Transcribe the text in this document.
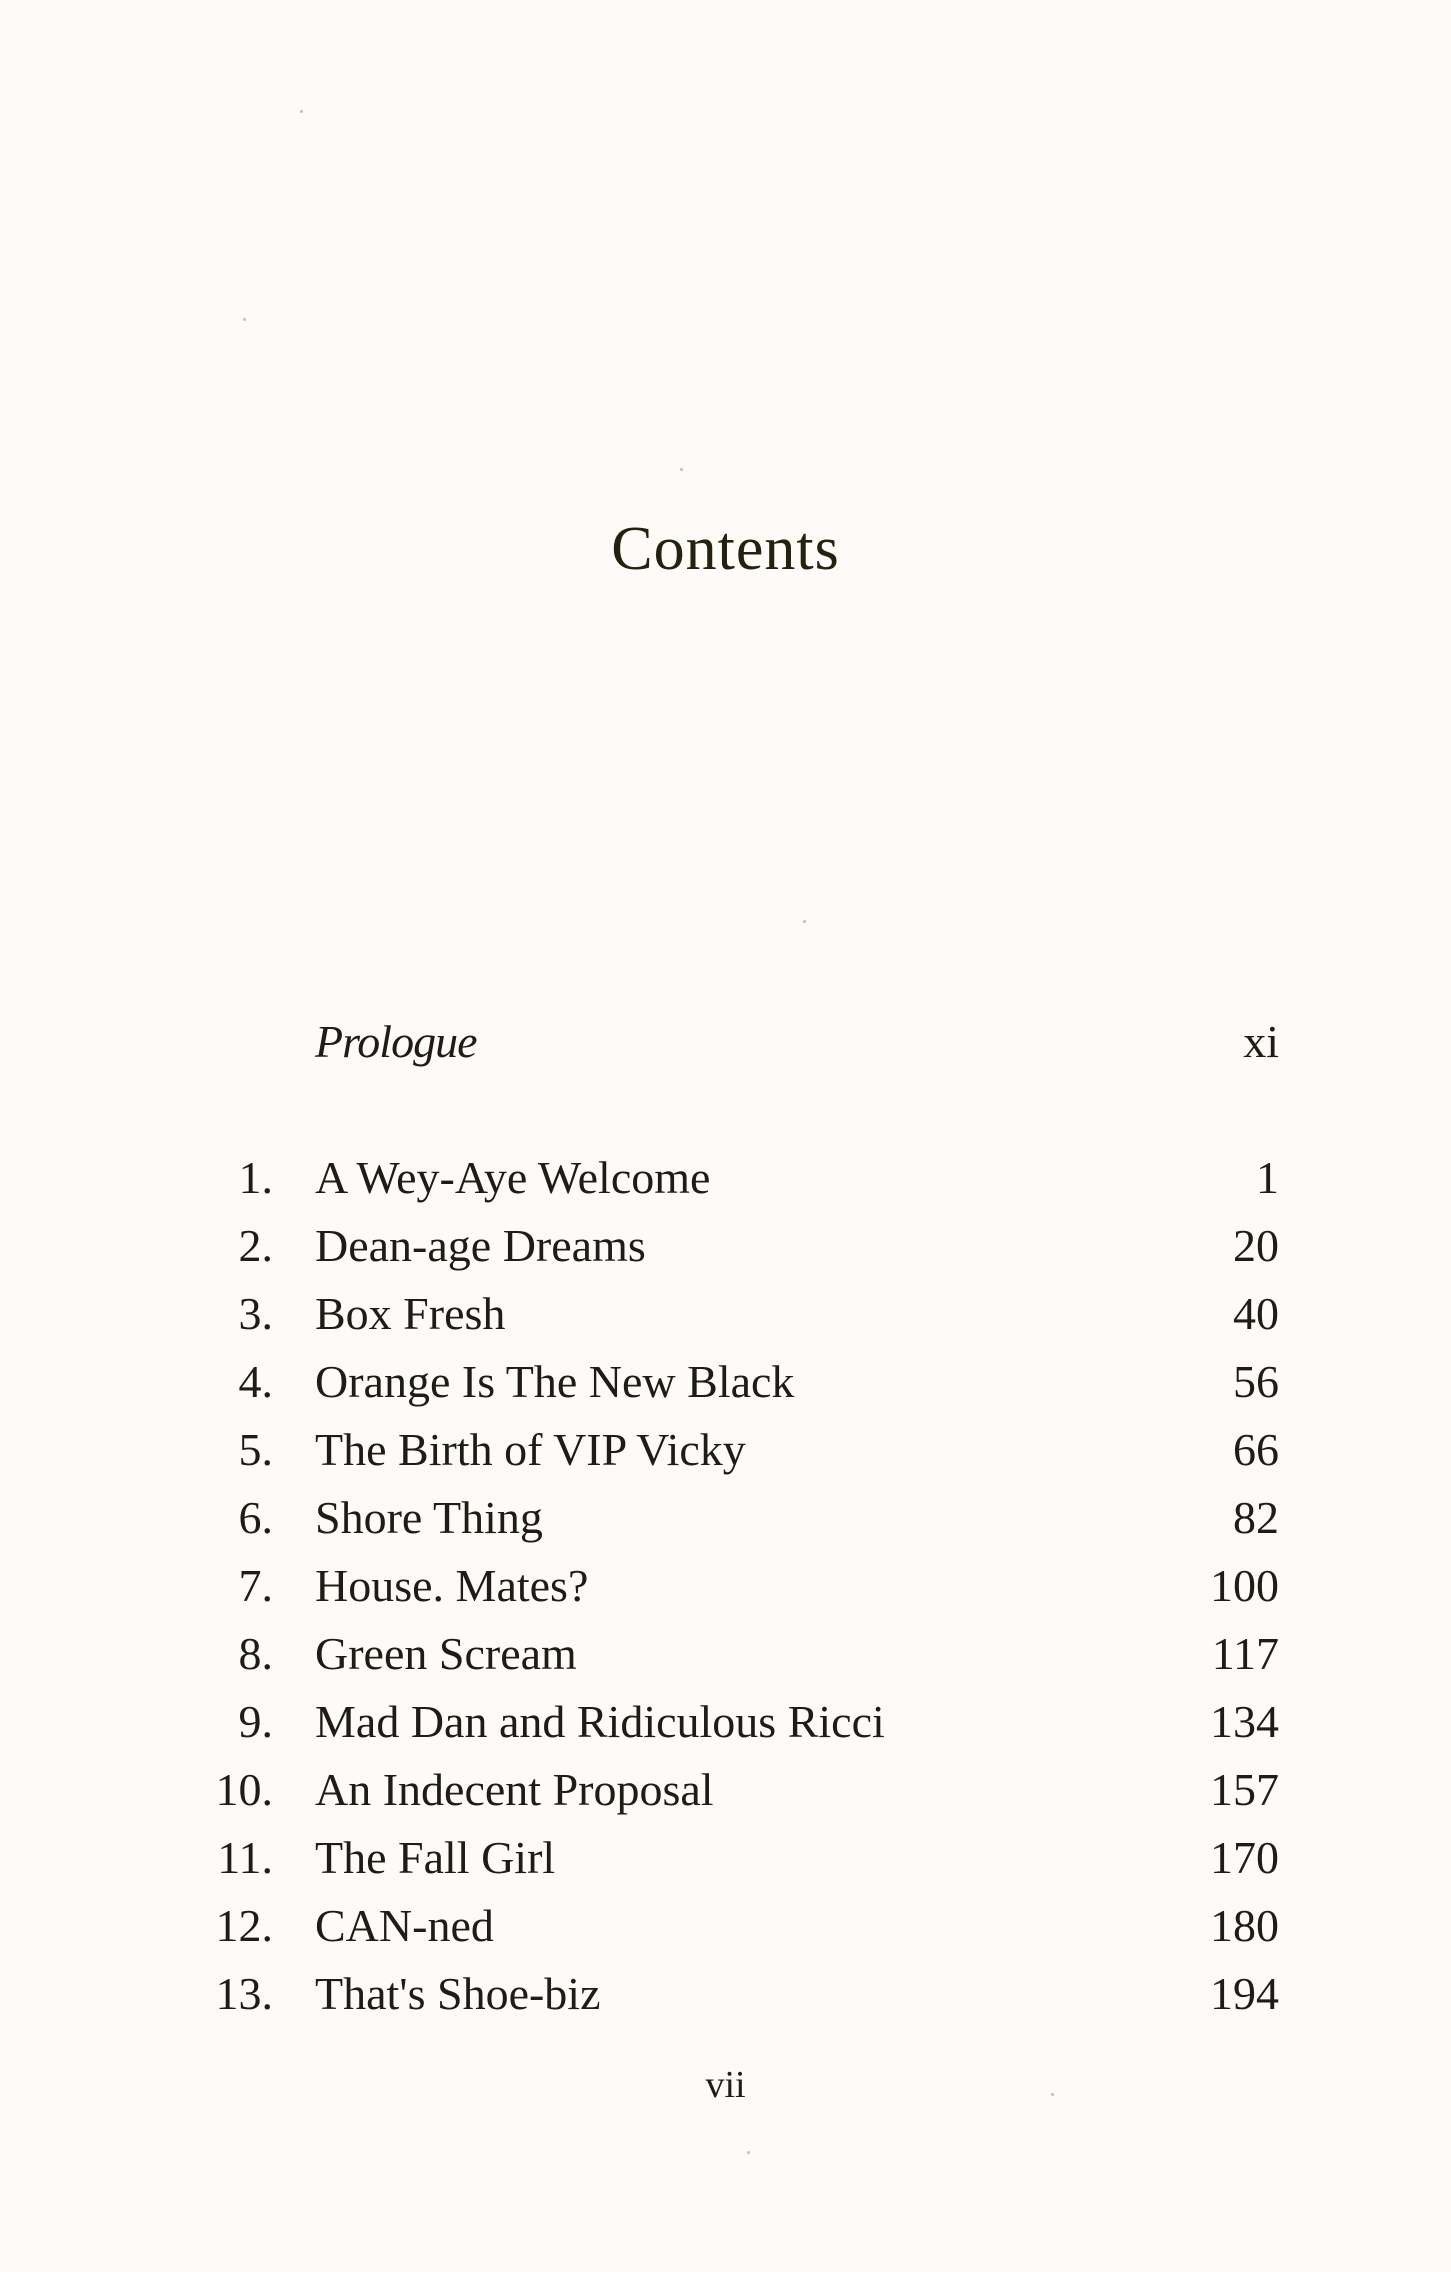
Contents
Prologue	xi
1. A Wey-Aye Welcome	1
2. Dean-age Dreams	20
3. Box Fresh	40
4. Orange Is The New Black	56
5. The Birth of VIP Vicky	66
6. Shore Thing	82
7. House. Mates?	100
8. Green Scream	117
9. Mad Dan and Ridiculous Ricci	134
10. An Indecent Proposal	157
11. The Fall Girl	170
12. CAN-ned	180
13. That's Shoe-biz	194
vii
